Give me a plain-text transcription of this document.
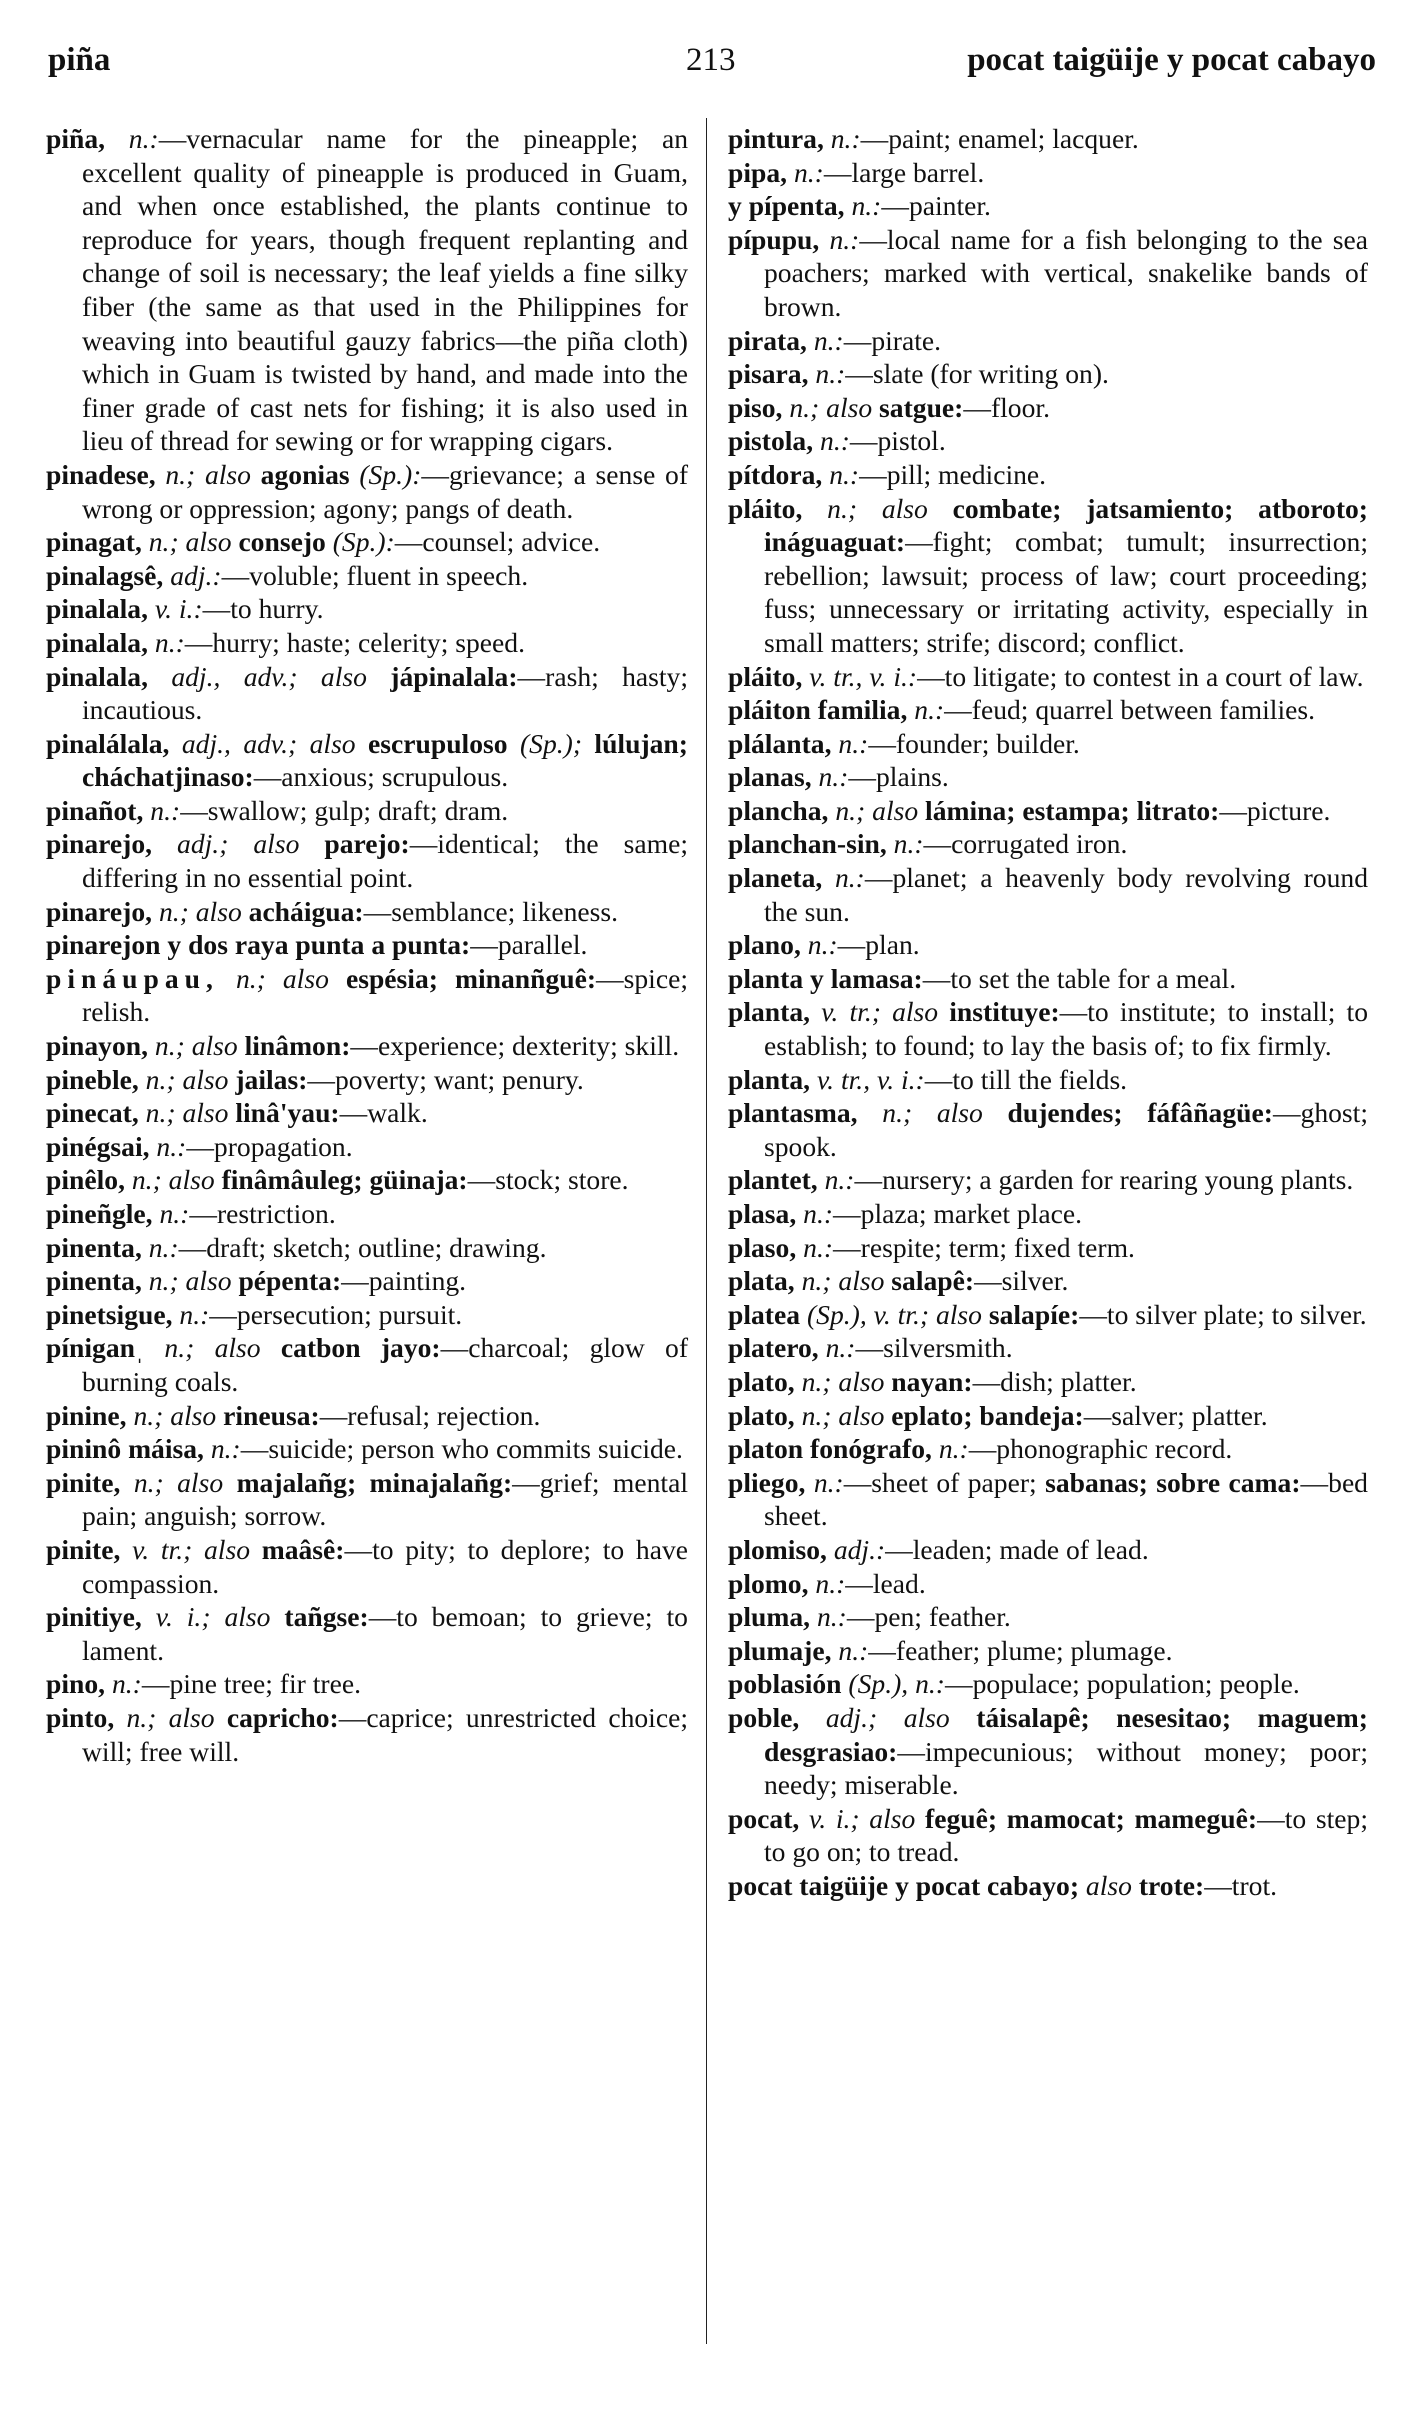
piña	213	pocat taigüije y pocat cabayo

piña, n.:—vernacular name for the pineapple; an excellent quality of pineapple is produced in Guam, and when once established, the plants continue to reproduce for years, though frequent replanting and change of soil is necessary; the leaf yields a fine silky fiber (the same as that used in the Philippines for weaving into beautiful gauzy fabrics—the piña cloth) which in Guam is twisted by hand, and made into the finer grade of cast nets for fishing; it is also used in lieu of thread for sewing or for wrapping cigars.

pinadese, n.; also agonias (Sp.):—grievance; a sense of wrong or oppression; agony; pangs of death.

pinagat, n.; also consejo (Sp.):—counsel; advice.

pinalagsê, adj.:—voluble; fluent in speech.

pinalala, v. i.:—to hurry.

pinalala, n.:—hurry; haste; celerity; speed.

pinalala, adj., adv.; also jápinalala:—rash; hasty; incautious.

pinalálala, adj., adv.; also escrupuloso (Sp.); lúlujan; cháchatjinaso:—anxious; scrupulous.

pinañot, n.:—swallow; gulp; draft; dram.

pinarejo, adj.; also parejo:—identical; the same; differing in no essential point.

pinarejo, n.; also acháigua:—semblance; likeness.

pinarejon y dos raya punta a punta:—parallel.

pináupau, n.; also espésia; minanñguê:—spice; relish.

pinayon, n.; also linâmon:—experience; dexterity; skill.

pineble, n.; also jailas:—poverty; want; penury.

pinecat, n.; also linâ'yau:—walk.

pinégsai, n.:—propagation.

pinêlo, n.; also finâmâuleg; güinaja:—stock; store.

pineñgle, n.:—restriction.

pinenta, n.:—draft; sketch; outline; drawing.

pinenta, n.; also pépenta:—painting.

pinetsigue, n.:—persecution; pursuit.

píniganˌ n.; also catbon jayo:—charcoal; glow of burning coals.

pinine, n.; also rineusa:—refusal; rejection.

pininô máisa, n.:—suicide; person who commits suicide.

pinite, n.; also majalañg; minajalañg:—grief; mental pain; anguish; sorrow.

pinite, v. tr.; also maâsê:—to pity; to deplore; to have compassion.

pinitiye, v. i.; also tañgse:—to bemoan; to grieve; to lament.

pino, n.:—pine tree; fir tree.

pinto, n.; also capricho:—caprice; unrestricted choice; will; free will.

pintura, n.:—paint; enamel; lacquer.

pipa, n.:—large barrel.

y pípenta, n.:—painter.

pípupu, n.:—local name for a fish belonging to the sea poachers; marked with vertical, snakelike bands of brown.

pirata, n.:—pirate.

pisara, n.:—slate (for writing on).

piso, n.; also satgue:—floor.

pistola, n.:—pistol.

pítdora, n.:—pill; medicine.

pláito, n.; also combate; jatsamiento; atboroto; ináguaguat:—fight; combat; tumult; insurrection; rebellion; lawsuit; process of law; court proceeding; fuss; unnecessary or irritating activity, especially in small matters; strife; discord; conflict.

pláito, v. tr., v. i.:—to litigate; to contest in a court of law.

pláiton familia, n.:—feud; quarrel between families.

plálanta, n.:—founder; builder.

planas, n.:—plains.

plancha, n.; also lámina; estampa; litrato:—picture.

planchan-sin, n.:—corrugated iron.

planeta, n.:—planet; a heavenly body revolving round the sun.

plano, n.:—plan.

planta y lamasa:—to set the table for a meal.

planta, v. tr.; also instituye:—to institute; to install; to establish; to found; to lay the basis of; to fix firmly.

planta, v. tr., v. i.:—to till the fields.

plantasma, n.; also dujendes; fáfâñagüe:—ghost; spook.

plantet, n.:—nursery; a garden for rearing young plants.

plasa, n.:—plaza; market place.

plaso, n.:—respite; term; fixed term.

plata, n.; also salapê:—silver.

platea (Sp.), v. tr.; also salapíe:—to silver plate; to silver.

platero, n.:—silversmith.

plato, n.; also nayan:—dish; platter.

plato, n.; also eplato; bandeja:—salver; platter.

platon fonógrafo, n.:—phonographic record.

pliego, n.:—sheet of paper; sabanas; sobre cama:—bed sheet.

plomiso, adj.:—leaden; made of lead.

plomo, n.:—lead.

pluma, n.:—pen; feather.

plumaje, n.:—feather; plume; plumage.

poblasión (Sp.), n.:—populace; population; people.

poble, adj.; also táisalapê; nesesitao; maguem; desgrasiao:—impecunious; without money; poor; needy; miserable.

pocat, v. i.; also feguê; mamocat; mameguê:—to step; to go on; to tread.

pocat taigüije y pocat cabayo; also trote:—trot.
